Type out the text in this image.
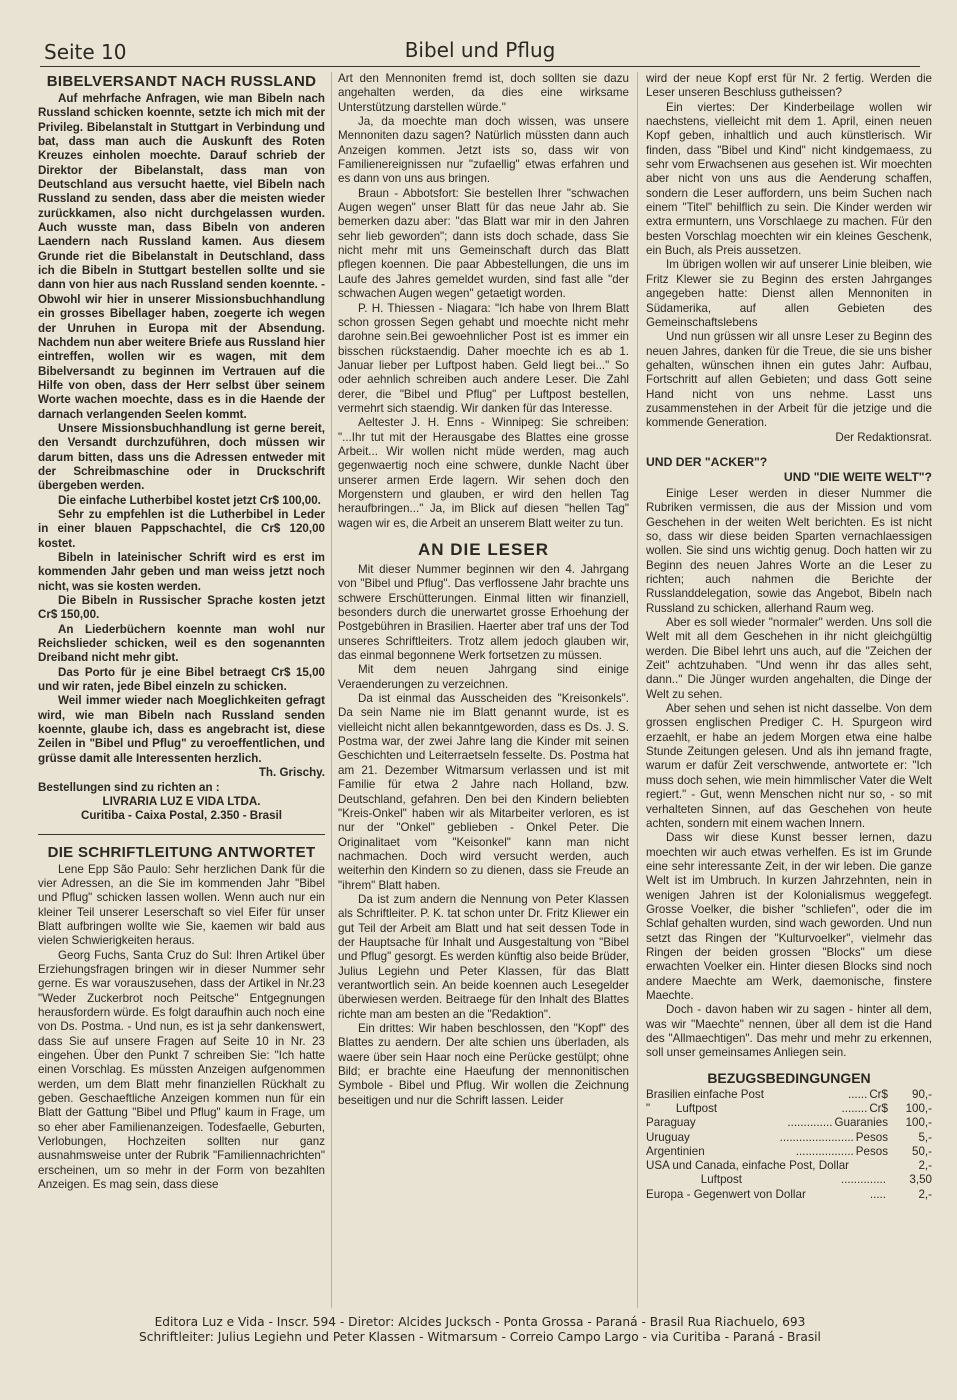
Seite 10	Bibel und Pflug
BIBELVERSANDT NACH RUSSLAND

Auf mehrfache Anfragen, wie man Bibeln nach Russland schicken koennte, setzte ich mich mit der Privileg. Bibelanstalt in Stuttgart in Verbindung und bat, dass man auch die Auskunft des Roten Kreuzes einholen moechte. Darauf schrieb der Direktor der Bibelanstalt, dass man von Deutschland aus versucht haette, viel Bibeln nach Russland zu senden, dass aber die meisten wieder zurückkamen, also nicht durchgelassen wurden. Auch wusste man, dass Bibeln von anderen Laendern nach Russland kamen. Aus diesem Grunde riet die Bibelanstalt in Deutschland, dass ich die Bibeln in Stuttgart bestellen sollte und sie dann von hier aus nach Russland senden koennte. - Obwohl wir hier in unserer Missionsbuchhandlung ein grosses Bibellager haben, zoegerte ich wegen der Unruhen in Europa mit der Absendung. Nachdem nun aber weitere Briefe aus Russland hier eintreffen, wollen wir es wagen, mit dem Bibelversandt zu beginnen im Vertrauen auf die Hilfe von oben, dass der Herr selbst über seinem Worte wachen moechte, dass es in die Haende der darnach verlangenden Seelen kommt.

Unsere Missionsbuchhandlung ist gerne bereit, den Versandt durchzuführen, doch müssen wir darum bitten, dass uns die Adressen entweder mit der Schreibmaschine oder in Druckschrift übergeben werden.

Die einfache Lutherbibel kostet jetzt Cr$ 100,00.

Sehr zu empfehlen ist die Lutherbibel in Leder in einer blauen Pappschachtel, die Cr$ 120,00 kostet.

Bibeln in lateinischer Schrift wird es erst im kommenden Jahr geben und man weiss jetzt noch nicht, was sie kosten werden.

Die Bibeln in Russischer Sprache kosten jetzt Cr$ 150,00.

An Liederbüchern koennte man wohl nur Reichslieder schicken, weil es den sogenannten Dreiband nicht mehr gibt.

Das Porto für je eine Bibel betraegt Cr$ 15,00 und wir raten, jede Bibel einzeln zu schicken.

Weil immer wieder nach Moeglichkeiten gefragt wird, wie man Bibeln nach Russland senden koennte, glaube ich, dass es angebracht ist, diese Zeilen in "Bibel und Pflug" zu veroeffentlichen, und grüsse damit alle Interessenten herzlich.

Th. Grischy.

Bestellungen sind zu richten an :

LIVRARIA LUZ E VIDA LTDA.

Curitiba - Caixa Postal, 2.350 - Brasil

DIE SCHRIFTLEITUNG ANTWORTET

Lene Epp São Paulo: Sehr herzlichen Dank für die vier Adressen, an die Sie im kommenden Jahr "Bibel und Pflug" schicken lassen wollen. Wenn auch nur ein kleiner Teil unserer Leserschaft so viel Eifer für unser Blatt aufbringen wollte wie Sie, kaemen wir bald aus vielen Schwierigkeiten heraus.

Georg Fuchs, Santa Cruz do Sul: Ihren Artikel über Erziehungsfragen bringen wir in dieser Nummer sehr gerne. Es war vorauszusehen, dass der Artikel in Nr.23 "Weder Zuckerbrot noch Peitsche" Entgegnungen herausfordern würde. Es folgt daraufhin auch noch eine von Ds. Postma. - Und nun, es ist ja sehr dankenswert, dass Sie auf unsere Fragen auf Seite 10 in Nr. 23 eingehen. Über den Punkt 7 schreiben Sie: "Ich hatte einen Vorschlag. Es müssten Anzeigen aufgenommen werden, um dem Blatt mehr finanziellen Rückhalt zu geben. Geschaeftliche Anzeigen kommen nun für ein Blatt der Gattung "Bibel und Pflug" kaum in Frage, um so eher aber Familienanzeigen. Todesfaelle, Geburten, Verlobungen, Hochzeiten sollten nur ganz ausnahmsweise unter der Rubrik "Familiennachrichten" erscheinen, um so mehr in der Form von bezahlten Anzeigen. Es mag sein, dass diese

Art den Mennoniten fremd ist, doch sollten sie dazu angehalten werden, da dies eine wirksame Unterstützung darstellen würde."

Ja, da moechte man doch wissen, was unsere Mennoniten dazu sagen? Natürlich müssten dann auch Anzeigen kommen. Jetzt ists so, dass wir von Familienereignissen nur "zufaellig" etwas erfahren und es dann von uns aus bringen.

Braun - Abbotsfort: Sie bestellen Ihrer "schwachen Augen wegen" unser Blatt für das neue Jahr ab. Sie bemerken dazu aber: "das Blatt war mir in den Jahren sehr lieb geworden"; dann ists doch schade, dass Sie nicht mehr mit uns Gemeinschaft durch das Blatt pflegen koennen. Die paar Abbestellungen, die uns im Laufe des Jahres gemeldet wurden, sind fast alle "der schwachen Augen wegen" getaetigt worden.

P. H. Thiessen - Niagara: "Ich habe von Ihrem Blatt schon grossen Segen gehabt und moechte nicht mehr darohne sein.Bei gewoehnlicher Post ist es immer ein bisschen rückstaendig. Daher moechte ich es ab 1. Januar lieber per Luftpost haben. Geld liegt bei..." So oder aehnlich schreiben auch andere Leser. Die Zahl derer, die "Bibel und Pflug" per Luftpost bestellen, vermehrt sich staendig. Wir danken für das Interesse.

Aeltester J. H. Enns - Winnipeg: Sie schreiben: "...Ihr tut mit der Herausgabe des Blattes eine grosse Arbeit... Wir wollen nicht müde werden, mag auch gegenwaertig noch eine schwere, dunkle Nacht über unserer armen Erde lagern. Wir sehen doch den Morgenstern und glauben, er wird den hellen Tag heraufbringen..." Ja, im Blick auf diesen "hellen Tag" wagen wir es, die Arbeit an unserem Blatt weiter zu tun.

AN DIE LESER

Mit dieser Nummer beginnen wir den 4. Jahrgang von "Bibel und Pflug". Das verflossene Jahr brachte uns schwere Erschütterungen. Einmal litten wir finanziell, besonders durch die unerwartet grosse Erhoehung der Postgebühren in Brasilien. Haerter aber traf uns der Tod unseres Schriftleiters. Trotz allem jedoch glauben wir, das einmal begonnene Werk fortsetzen zu müssen.

Mit dem neuen Jahrgang sind einige Veraenderungen zu verzeichnen.

Da ist einmal das Ausscheiden des "Kreisonkels". Da sein Name nie im Blatt genannt wurde, ist es vielleicht nicht allen bekanntgeworden, dass es Ds. J. S. Postma war, der zwei Jahre lang die Kinder mit seinen Geschichten und Leiterraetseln fesselte. Ds. Postma hat am 21. Dezember Witmarsum verlassen und ist mit Familie für etwa 2 Jahre nach Holland, bzw. Deutschland, gefahren. Den bei den Kindern beliebten "Kreis-Onkel" haben wir als Mitarbeiter verloren, es ist nur der "Onkel" geblieben - Onkel Peter. Die Originalitaet vom "Keisonkel" kann man nicht nachmachen. Doch wird versucht werden, auch weiterhin den Kindern so zu dienen, dass sie Freude an "ihrem" Blatt haben.

Da ist zum andern die Nennung von Peter Klassen als Schriftleiter. P. K. tat schon unter Dr. Fritz Kliewer ein gut Teil der Arbeit am Blatt und hat seit dessen Tode in der Hauptsache für Inhalt und Ausgestaltung von "Bibel und Pflug" gesorgt. Es werden künftig also beide Brüder, Julius Legiehn und Peter Klassen, für das Blatt verantwortlich sein. An beide koennen auch Lesegelder überwiesen werden. Beitraege für den Inhalt des Blattes richte man am besten an die "Redaktion".

Ein drittes: Wir haben beschlossen, den "Kopf" des Blattes zu aendern. Der alte schien uns überladen, als waere über sein Haar noch eine Perücke gestülpt; ohne Bild; er brachte eine Haeufung der mennonitischen Symbole - Bibel und Pflug. Wir wollen die Zeichnung beseitigen und nur die Schrift lassen. Leider

wird der neue Kopf erst für Nr. 2 fertig. Werden die Leser unseren Beschluss gutheissen?

Ein viertes: Der Kinderbeilage wollen wir naechstens, vielleicht mit dem 1. April, einen neuen Kopf geben, inhaltlich und auch künstlerisch. Wir finden, dass "Bibel und Kind" nicht kindgemaess, zu sehr vom Erwachsenen aus gesehen ist. Wir moechten aber nicht von uns aus die Aenderung schaffen, sondern die Leser auffordern, uns beim Suchen nach einem "Titel" behilflich zu sein. Die Kinder werden wir extra ermuntern, uns Vorschlaege zu machen. Für den besten Vorschlag moechten wir ein kleines Geschenk, ein Buch, als Preis aussetzen.

Im übrigen wollen wir auf unserer Linie bleiben, wie Fritz Klewer sie zu Beginn des ersten Jahrganges angegeben hatte: Dienst allen Mennoniten in Südamerika, auf allen Gebieten des Gemeinschaftslebens

Und nun grüssen wir all unsre Leser zu Beginn des neuen Jahres, danken für die Treue, die sie uns bisher gehalten, wünschen ihnen ein gutes Jahr: Aufbau, Fortschritt auf allen Gebieten; und dass Gott seine Hand nicht von uns nehme. Lasst uns zusammenstehen in der Arbeit für die jetzige und die kommende Generation.

Der Redaktionsrat.

UND DER "ACKER"?
UND "DIE WEITE WELT"?

Einige Leser werden in dieser Nummer die Rubriken vermissen, die aus der Mission und vom Geschehen in der weiten Welt berichten. Es ist nicht so, dass wir diese beiden Sparten vernachlaessigen wollen. Sie sind uns wichtig genug. Doch hatten wir zu Beginn des neuen Jahres Worte an die Leser zu richten; auch nahmen die Berichte der Russlanddelegation, sowie das Angebot, Bibeln nach Russland zu schicken, allerhand Raum weg.

Aber es soll wieder "normaler" werden. Uns soll die Welt mit all dem Geschehen in ihr nicht gleichgültig werden. Die Bibel lehrt uns auch, auf die "Zeichen der Zeit" achtzuhaben. "Und wenn ihr das alles seht, dann.." Die Jünger wurden angehalten, die Dinge der Welt zu sehen.

Aber sehen und sehen ist nicht dasselbe. Von dem grossen englischen Prediger C. H. Spurgeon wird erzaehlt, er habe an jedem Morgen etwa eine halbe Stunde Zeitungen gelesen. Und als ihn jemand fragte, warum er dafür Zeit verschwende, antwortete er: "Ich muss doch sehen, wie mein himmlischer Vater die Welt regiert." - Gut, wenn Menschen nicht nur so, - so mit verhalteten Sinnen, auf das Geschehen von heute achten, sondern mit einem wachen Innern.

Dass wir diese Kunst besser lernen, dazu moechten wir auch etwas verhelfen. Es ist im Grunde eine sehr interessante Zeit, in der wir leben. Die ganze Welt ist im Umbruch. In kurzen Jahrzehnten, nein in wenigen Jahren ist der Kolonialismus weggefegt. Grosse Voelker, die bisher "schliefen", oder die im Schlaf gehalten wurden, sind wach geworden. Und nun setzt das Ringen der "Kulturvoelker", vielmehr das Ringen der beiden grossen "Blocks" um diese erwachten Voelker ein. Hinter diesen Blocks sind noch andere Maechte am Werk, daemonische, finstere Maechte.

Doch - davon haben wir zu sagen - hinter all dem, was wir "Maechte" nennen, über all dem ist die Hand des "Allmaechtigen". Das mehr und mehr zu erkennen, soll unser gemeinsames Anliegen sein.

BEZUGSBEDINGUNGEN
Brasilien einfache Post	...... Cr$	90,-
"        Luftpost	........ Cr$	100,-
Paraguay	.............. Guaranies	100,-
Uruguay	....................... Pesos	5,-
Argentinien	.................. Pesos	50,-
USA und Canada, einfache Post, Dollar	2,-
Luftpost	..............	3,50
Europa - Gegenwert von Dollar	.....	2,-
Editora Luz e Vida - Inscr. 594 - Diretor: Alcides Jucksch - Ponta Grossa - Paraná - Brasil Rua Riachuelo, 693
Schriftleiter: Julius Legiehn und Peter Klassen - Witmarsum - Correio Campo Largo - via Curitiba - Paraná - Brasil
